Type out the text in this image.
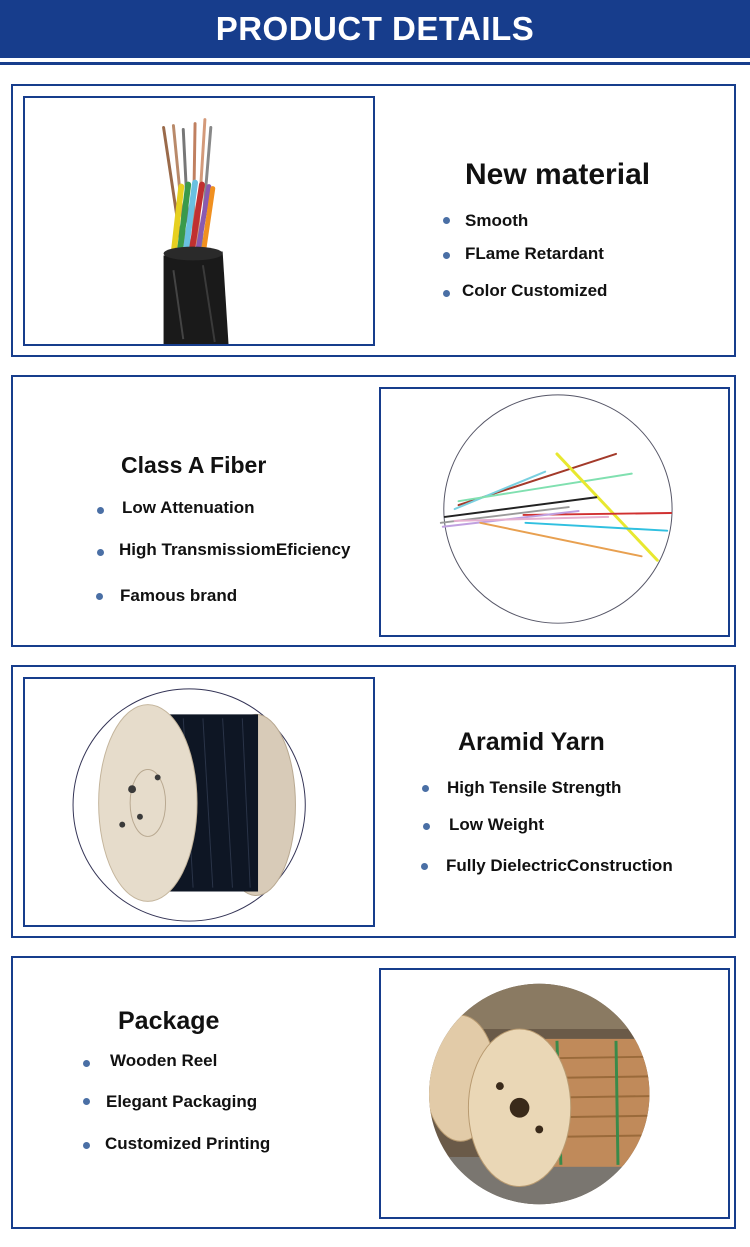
PRODUCT DETAILS
New material
Smooth
FLame Retardant
Color Customized
Class A Fiber
Low Attenuation
High TransmissiomEficiency
Famous brand
Aramid Yarn
High Tensile Strength
Low Weight
Fully DielectricConstruction
Package
Wooden Reel
Elegant Packaging
Customized Printing
